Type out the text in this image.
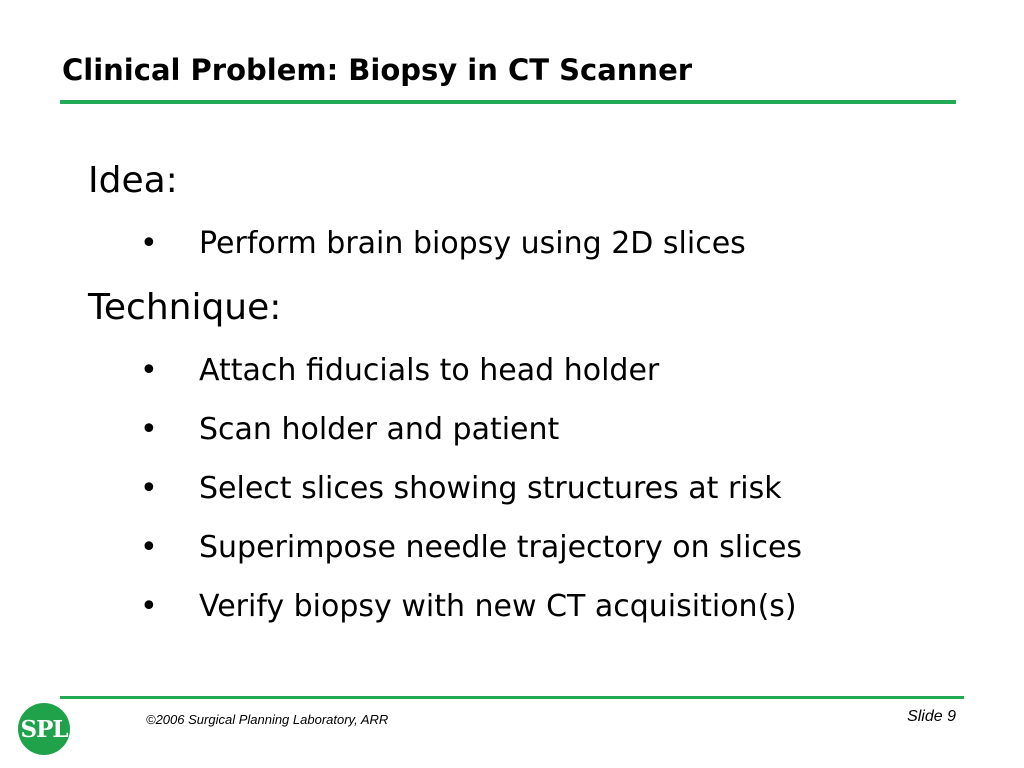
Clinical Problem: Biopsy in CT Scanner
Idea:
• Perform brain biopsy using 2D slices
Technique:
• Attach fiducials to head holder
• Scan holder and patient
• Select slices showing structures at risk
• Superimpose needle trajectory on slices
• Verify biopsy with new CT acquisition(s)
SPL	©2006 Surgical Planning Laboratory, ARR	Slide 9
